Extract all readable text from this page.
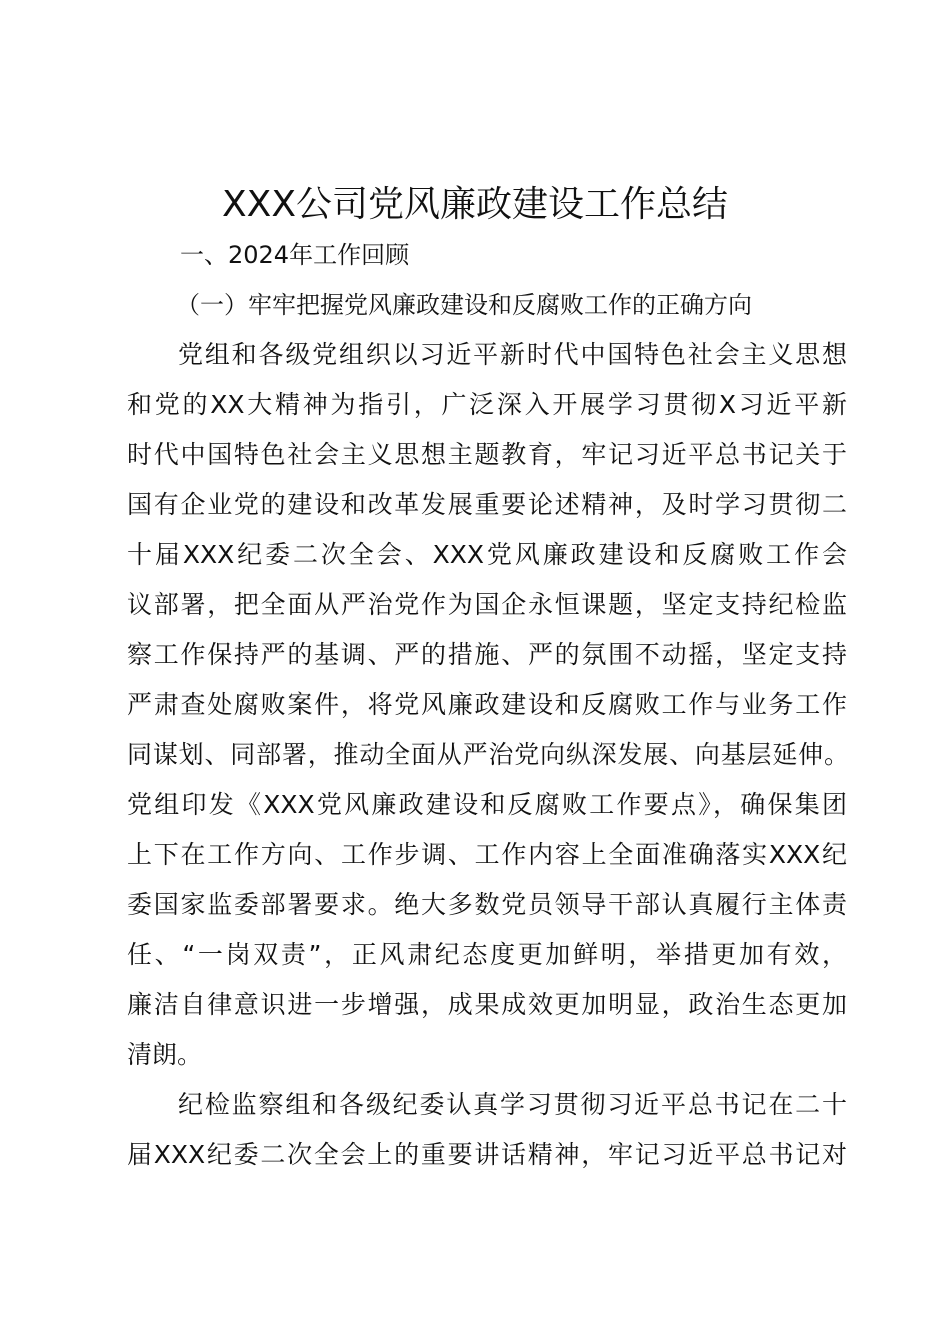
XXX公司党风廉政建设工作总结
一、2024年工作回顾
（一）牢牢把握党风廉政建设和反腐败工作的正确方向
党组和各级党组织以习近平新时代中国特色社会主义思想
和党的XX大精神为指引，广泛深入开展学习贯彻X习近平新
时代中国特色社会主义思想主题教育，牢记习近平总书记关于
国有企业党的建设和改革发展重要论述精神，及时学习贯彻二
十届XXX纪委二次全会、XXX党风廉政建设和反腐败工作会
议部署，把全面从严治党作为国企永恒课题，坚定支持纪检监
察工作保持严的基调、严的措施、严的氛围不动摇，坚定支持
严肃查处腐败案件，将党风廉政建设和反腐败工作与业务工作
同谋划、同部署，推动全面从严治党向纵深发展、向基层延伸。
党组印发《XXX党风廉政建设和反腐败工作要点》，确保集团
上下在工作方向、工作步调、工作内容上全面准确落实XXX纪
委国家监委部署要求。绝大多数党员领导干部认真履行主体责
任、“一岗双责”，正风肃纪态度更加鲜明，举措更加有效，
廉洁自律意识进一步增强，成果成效更加明显，政治生态更加
清朗。
纪检监察组和各级纪委认真学习贯彻习近平总书记在二十
届XXX纪委二次全会上的重要讲话精神，牢记习近平总书记对
